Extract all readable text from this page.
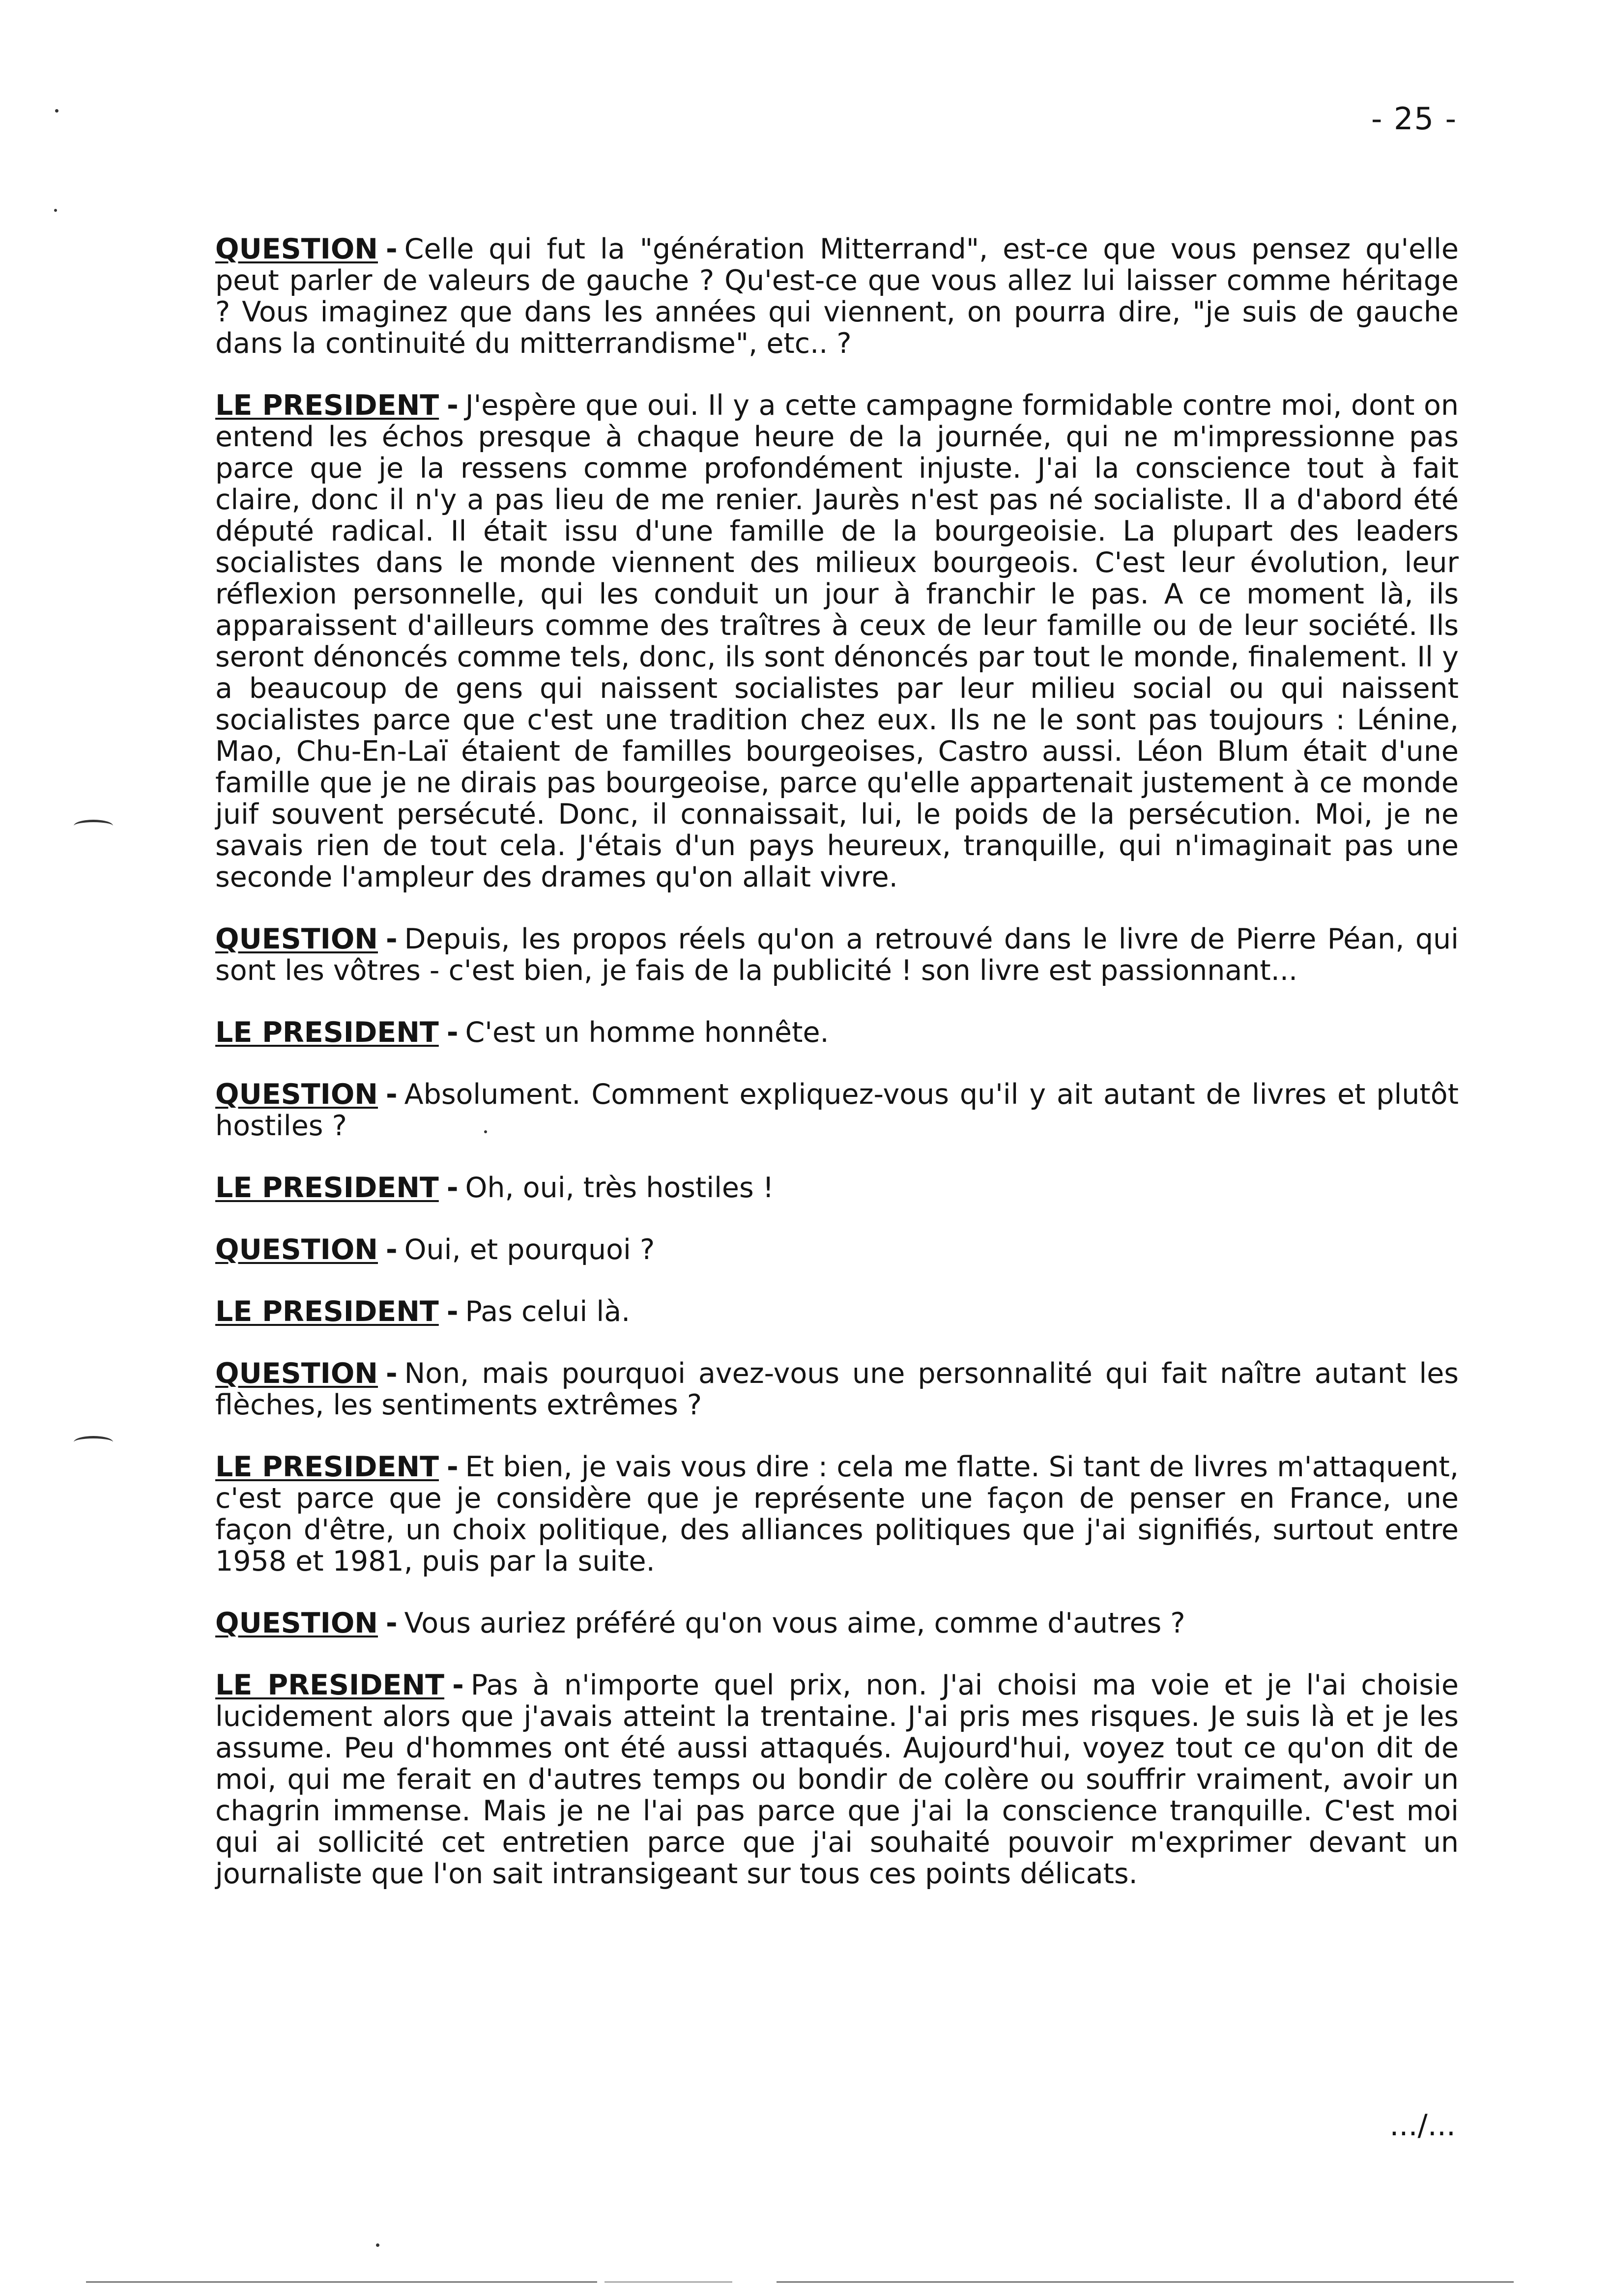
- 25 -

QUESTION - Celle qui fut la "génération Mitterrand", est-ce que vous pensez qu'elle peut parler de valeurs de gauche ? Qu'est-ce que vous allez lui laisser comme héritage ? Vous imaginez que dans les années qui viennent, on pourra dire, "je suis de gauche dans la continuité du mitterrandisme", etc.. ?

LE PRESIDENT - J'espère que oui. Il y a cette campagne formidable contre moi, dont on entend les échos presque à chaque heure de la journée, qui ne m'impressionne pas parce que je la ressens comme profondément injuste. J'ai la conscience tout à fait claire, donc il n'y a pas lieu de me renier. Jaurès n'est pas né socialiste. Il a d'abord été député radical. Il était issu d'une famille de la bourgeoisie. La plupart des leaders socialistes dans le monde viennent des milieux bourgeois. C'est leur évolution, leur réflexion personnelle, qui les conduit un jour à franchir le pas. A ce moment là, ils apparaissent d'ailleurs comme des traîtres à ceux de leur famille ou de leur société. Ils seront dénoncés comme tels, donc, ils sont dénoncés par tout le monde, finalement. Il y a beaucoup de gens qui naissent socialistes par leur milieu social ou qui naissent socialistes parce que c'est une tradition chez eux. Ils ne le sont pas toujours : Lénine, Mao, Chu-En-Laï étaient de familles bourgeoises, Castro aussi. Léon Blum était d'une famille que je ne dirais pas bourgeoise, parce qu'elle appartenait justement à ce monde juif souvent persécuté. Donc, il connaissait, lui, le poids de la persécution. Moi, je ne savais rien de tout cela. J'étais d'un pays heureux, tranquille, qui n'imaginait pas une seconde l'ampleur des drames qu'on allait vivre.

QUESTION - Depuis, les propos réels qu'on a retrouvé dans le livre de Pierre Péan, qui sont les vôtres - c'est bien, je fais de la publicité ! son livre est passionnant...

LE PRESIDENT - C'est un homme honnête.

QUESTION - Absolument. Comment expliquez-vous qu'il y ait autant de livres et plutôt hostiles ?

LE PRESIDENT - Oh, oui, très hostiles !

QUESTION - Oui, et pourquoi ?

LE PRESIDENT - Pas celui là.

QUESTION - Non, mais pourquoi avez-vous une personnalité qui fait naître autant les flèches, les sentiments extrêmes ?

LE PRESIDENT - Et bien, je vais vous dire : cela me flatte. Si tant de livres m'attaquent, c'est parce que je considère que je représente une façon de penser en France, une façon d'être, un choix politique, des alliances politiques que j'ai signifiés, surtout entre 1958 et 1981, puis par la suite.

QUESTION - Vous auriez préféré qu'on vous aime, comme d'autres ?

LE PRESIDENT - Pas à n'importe quel prix, non. J'ai choisi ma voie et je l'ai choisie lucidement alors que j'avais atteint la trentaine. J'ai pris mes risques. Je suis là et je les assume. Peu d'hommes ont été aussi attaqués. Aujourd'hui, voyez tout ce qu'on dit de moi, qui me ferait en d'autres temps ou bondir de colère ou souffrir vraiment, avoir un chagrin immense. Mais je ne l'ai pas parce que j'ai la conscience tranquille. C'est moi qui ai sollicité cet entretien parce que j'ai souhaité pouvoir m'exprimer devant un journaliste que l'on sait intransigeant sur tous ces points délicats.

.../...
